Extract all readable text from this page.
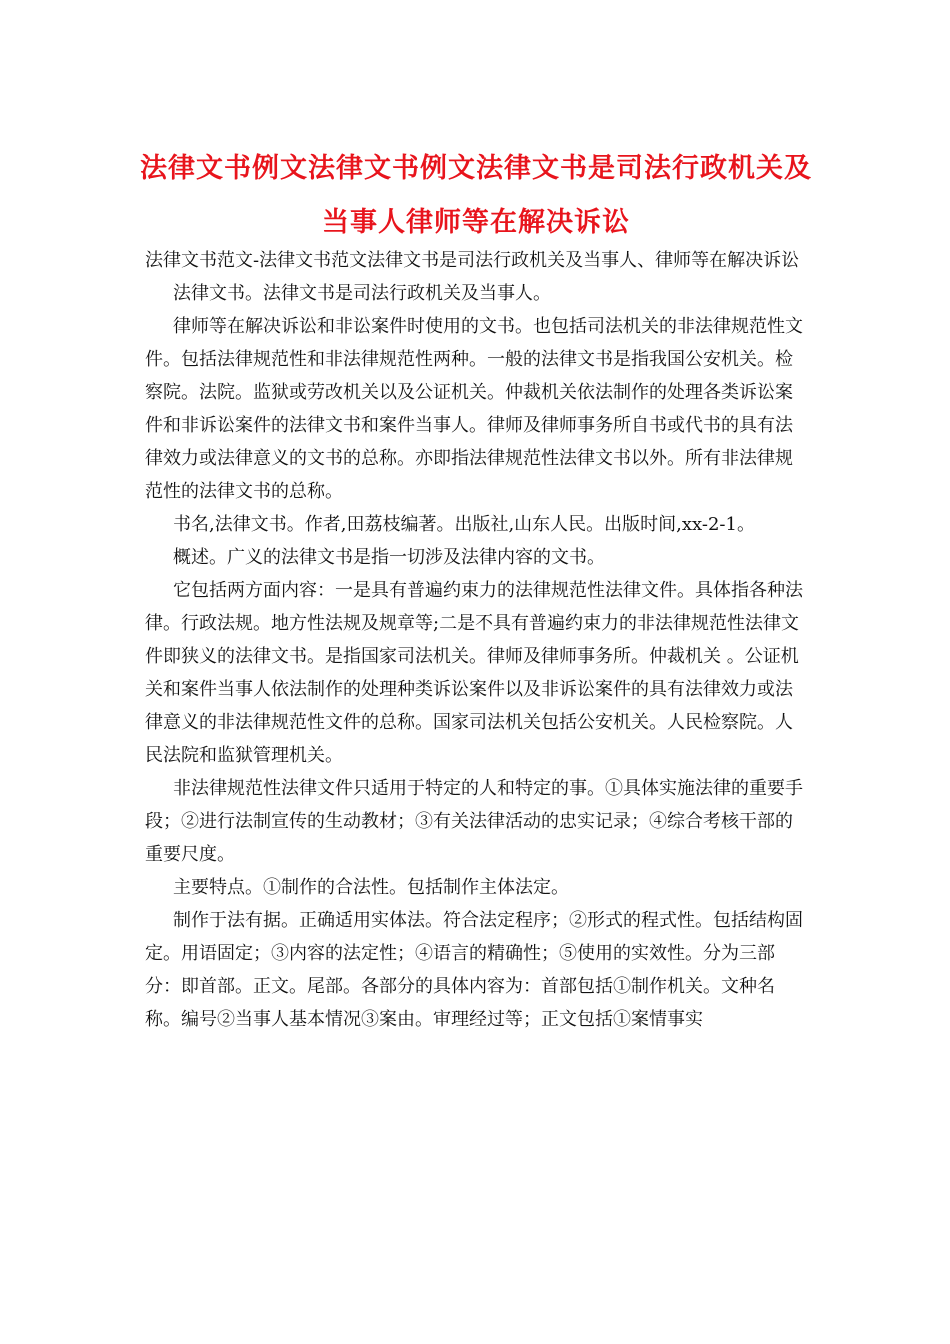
法律文书例文法律文书例文法律文书是司法行政机关及当事人律师等在解决诉讼

法律文书范文-法律文书范文法律文书是司法行政机关及当事人、律师等在解决诉讼

法律文书。法律文书是司法行政机关及当事人。

律师等在解决诉讼和非讼案件时使用的文书。也包括司法机关的非法律规范性文件。包括法律规范性和非法律规范性两种。一般的法律文书是指我国公安机关。检察院。法院。监狱或劳改机关以及公证机关。仲裁机关依法制作的处理各类诉讼案件和非诉讼案件的法律文书和案件当事人。律师及律师事务所自书或代书的具有法律效力或法律意义的文书的总称。亦即指法律规范性法律文书以外。所有非法律规范性的法律文书的总称。

书名,法律文书。作者,田荔枝编著。出版社,山东人民。出版时间,xx-2-1。

概述。广义的法律文书是指一切涉及法律内容的文书。

它包括两方面内容：一是具有普遍约束力的法律规范性法律文件。具体指各种法律。行政法规。地方性法规及规章等;二是不具有普遍约束力的非法律规范性法律文件即狭义的法律文书。是指国家司法机关。律师及律师事务所。仲裁机关 。公证机关和案件当事人依法制作的处理种类诉讼案件以及非诉讼案件的具有法律效力或法律意义的非法律规范性文件的总称。国家司法机关包括公安机关。人民检察院。人民法院和监狱管理机关。

非法律规范性法律文件只适用于特定的人和特定的事。①具体实施法律的重要手段；②进行法制宣传的生动教材；③有关法律活动的忠实记录；④综合考核干部的重要尺度。

主要特点。①制作的合法性。包括制作主体法定。

制作于法有据。正确适用实体法。符合法定程序；②形式的程式性。包括结构固定。用语固定；③内容的法定性；④语言的精确性；⑤使用的实效性。分为三部分：即首部。正文。尾部。各部分的具体内容为：首部包括①制作机关。文种名称。编号②当事人基本情况③案由。审理经过等；正文包括①案情事实
